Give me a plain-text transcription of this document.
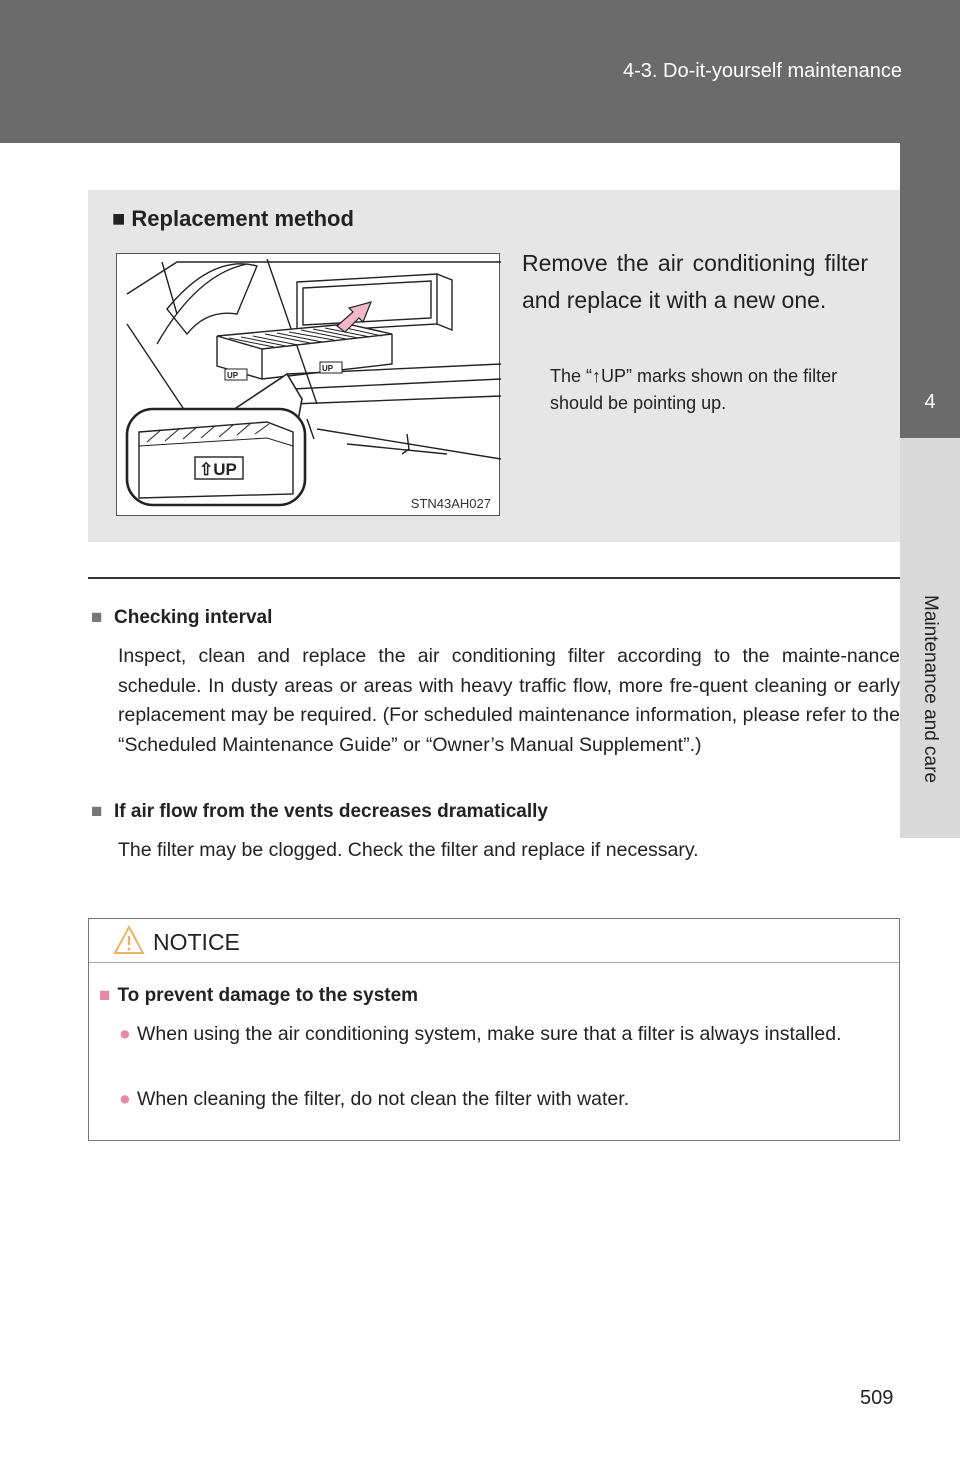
4-3. Do-it-yourself maintenance
4
Maintenance and care
■ Replacement method
UP
UP
⇧UP
STN43AH027
Remove the air conditioning filter and replace it with a new one.
The “↑UP” marks shown on the filter should be pointing up.
■ Checking interval
Inspect, clean and replace the air conditioning filter according to the mainte-nance schedule. In dusty areas or areas with heavy traffic flow, more fre-quent cleaning or early replacement may be required. (For scheduled maintenance information, please refer to the “Scheduled Maintenance Guide” or “Owner’s Manual Supplement”.)
■ If air flow from the vents decreases dramatically
The filter may be clogged. Check the filter and replace if necessary.
NOTICE
■ To prevent damage to the system
● When using the air conditioning system, make sure that a filter is always installed.
● When cleaning the filter, do not clean the filter with water.
509
